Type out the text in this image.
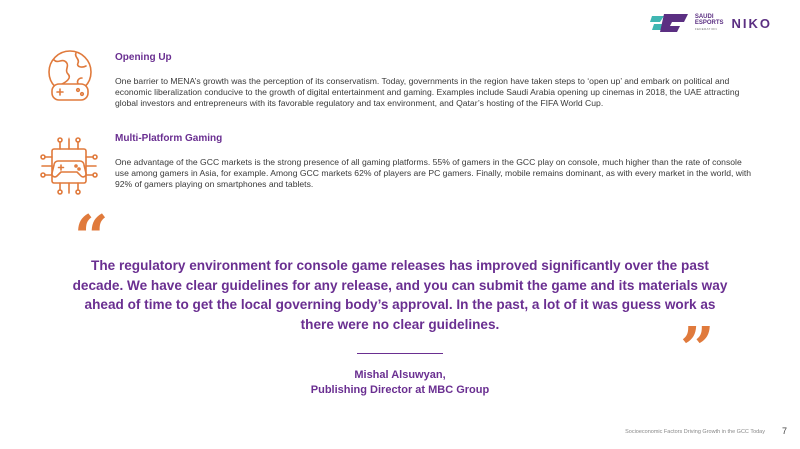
SAUDI
ESPORTS
FEDERATION	NIKO
Opening Up

One barrier to MENA’s growth was the perception of its conservatism. Today, governments in the region have taken steps to ‘open up’ and embark on political and economic liberalization conducive to the growth of digital entertainment and gaming. Examples include Saudi Arabia opening up cinemas in 2018, the UAE attracting global investors and entrepreneurs with its favorable regulatory and tax environment, and Qatar’s hosting of the FIFA World Cup.

Multi-Platform Gaming

One advantage of the GCC markets is the strong presence of all gaming platforms. 55% of gamers in the GCC play on console, much higher than the rate of console use among gamers in Asia, for example. Among GCC markets 62% of players are PC gamers. Finally, mobile remains dominant, as with every market in the world, with 92% of gamers playing on smartphones and tablets.

“

The regulatory environment for console game releases has improved significantly over the past decade. We have clear guidelines for any release, and you can submit the game and its materials way ahead of time to get the local governing body’s approval. In the past, a lot of it was guess work as there were no clear guidelines.	”
Mishal Alsuwyan,
Publishing Director at MBC Group
Socioeconomic Factors Driving Growth in the GCC Today 7
